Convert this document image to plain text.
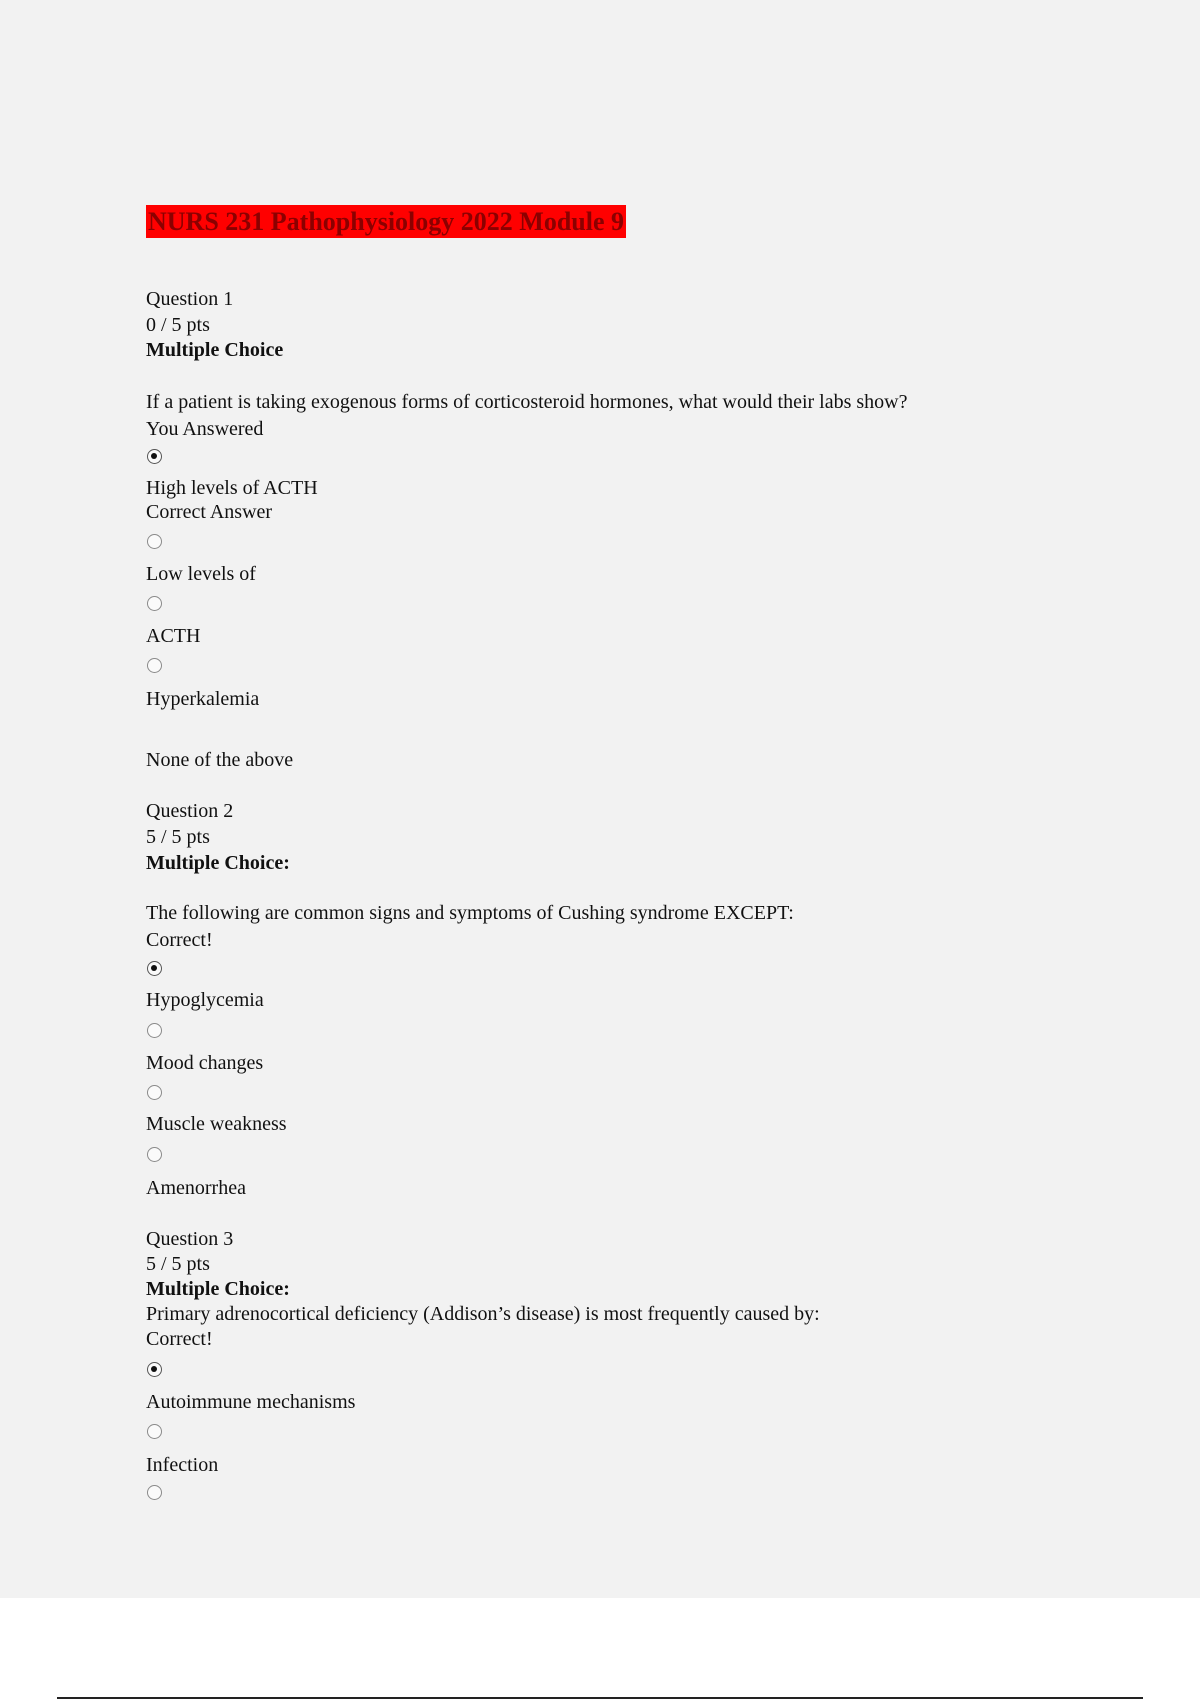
NURS 231 Pathophysiology 2022 Module 9

Question 1

0 / 5 pts

Multiple Choice

If a patient is taking exogenous forms of corticosteroid hormones, what would their labs show?

You Answered

High levels of ACTH

Correct Answer

Low levels of

ACTH

Hyperkalemia

None of the above

Question 2

5 / 5 pts

Multiple Choice:

The following are common signs and symptoms of Cushing syndrome EXCEPT:

Correct!

Hypoglycemia

Mood changes

Muscle weakness

Amenorrhea

Question 3

5 / 5 pts

Multiple Choice:

Primary adrenocortical deficiency (Addison’s disease) is most frequently caused by:

Correct!

Autoimmune mechanisms

Infection
